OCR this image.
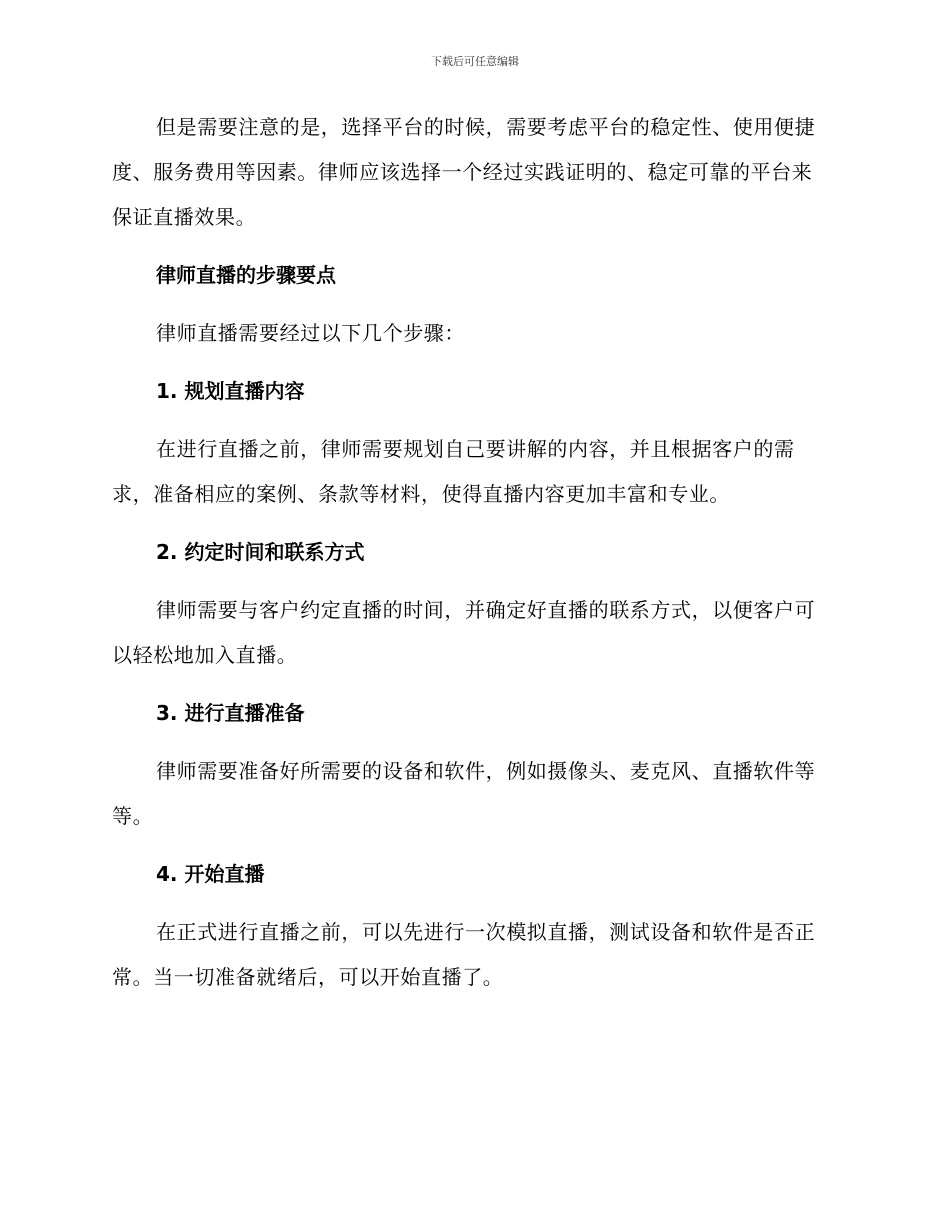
下载后可任意编辑

但是需要注意的是，选择平台的时候，需要考虑平台的稳定性、使用便捷度、服务费用等因素。律师应该选择一个经过实践证明的、稳定可靠的平台来保证直播效果。

律师直播的步骤要点

律师直播需要经过以下几个步骤：

1. 规划直播内容

在进行直播之前，律师需要规划自己要讲解的内容，并且根据客户的需求，准备相应的案例、条款等材料，使得直播内容更加丰富和专业。

2. 约定时间和联系方式

律师需要与客户约定直播的时间，并确定好直播的联系方式，以便客户可以轻松地加入直播。

3. 进行直播准备

律师需要准备好所需要的设备和软件，例如摄像头、麦克风、直播软件等等。

4. 开始直播

在正式进行直播之前，可以先进行一次模拟直播，测试设备和软件是否正常。当一切准备就绪后，可以开始直播了。
